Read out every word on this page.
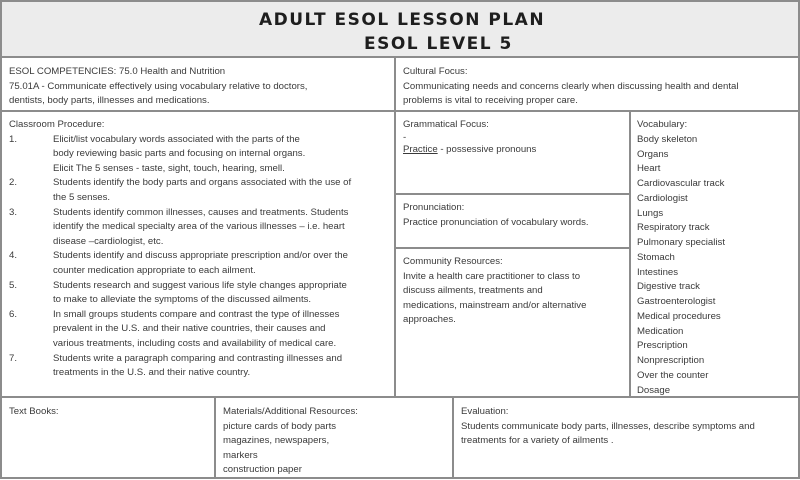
ADULT ESOL LESSON PLAN
ESOL LEVEL 5
ESOL COMPETENCIES: 75.0 Health and Nutrition
75.01A - Communicate effectively using vocabulary relative to doctors,
dentists, body parts, illnesses and medications.
Cultural Focus:
Communicating needs and concerns clearly when discussing health and dental
problems is vital to receiving proper care.
Classroom Procedure:
1.	Elicit/list vocabulary words associated with the parts of the
body reviewing basic parts and focusing on internal organs.
Elicit The 5 senses - taste, sight, touch, hearing, smell.
2.	Students identify the body parts and organs associated with the use of
the 5 senses.
3.	Students identify common illnesses, causes and treatments. Students
identify the medical specialty area of the various illnesses – i.e. heart
disease –cardiologist, etc.
4.	Students identify and discuss appropriate prescription and/or over the
counter medication appropriate to each ailment.
5.	Students research and suggest various life style changes appropriate
to make to alleviate the symptoms of the discussed ailments.
6.	In small groups students compare and contrast the type of illnesses
prevalent in the U.S. and their native countries, their causes and
various treatments, including costs and availability of medical care.
7.	Students write a paragraph comparing and contrasting illnesses and
treatments in the U.S. and their native country.
Grammatical Focus:
-
Practice - possessive pronouns
Pronunciation:
Practice pronunciation of vocabulary words.
Community Resources:
Invite a health care practitioner to class to
discuss ailments, treatments and
medications, mainstream and/or alternative
approaches.
Vocabulary:
Body skeleton
Organs
Heart
Cardiovascular track
Cardiologist
Lungs
Respiratory track
Pulmonary specialist
Stomach
Intestines
Digestive track
Gastroenterologist
Medical procedures
Medication
Prescription
Nonprescription
Over the counter
Dosage
Text Books:	Materials/Additional Resources:
picture cards of body parts
magazines, newspapers,
markers
construction paper
Evaluation:
Students communicate body parts, illnesses, describe symptoms and
treatments for a variety of ailments .
